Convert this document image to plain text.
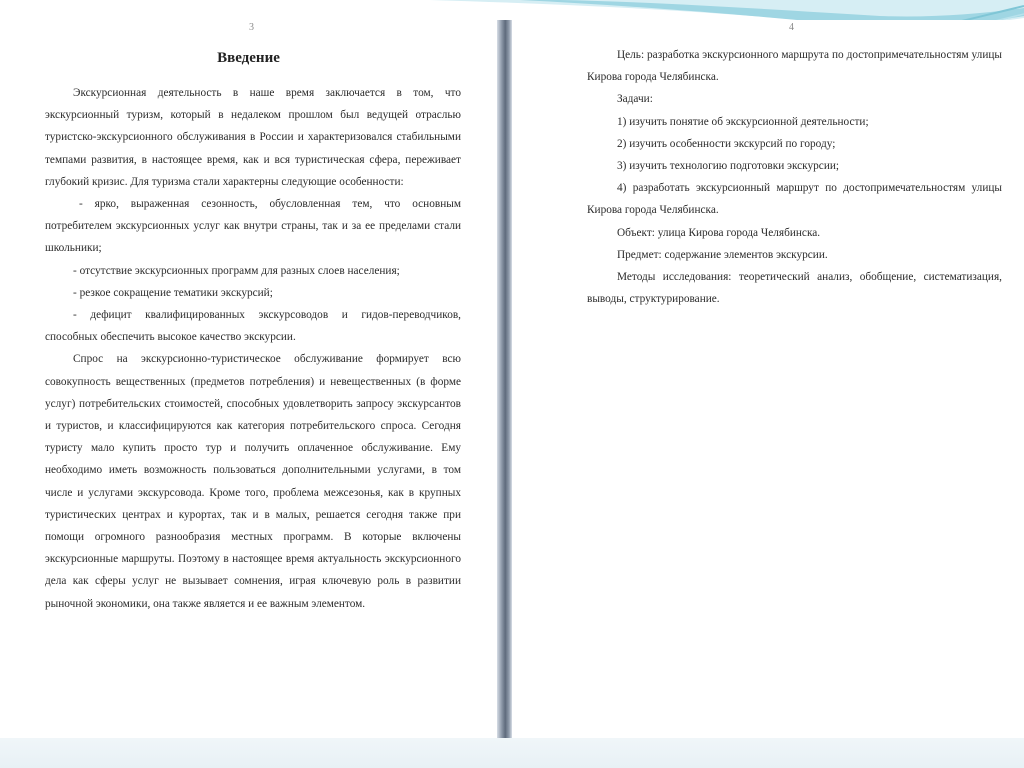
3
Введение

Экскурсионная деятельность в наше время заключается в том, что экскурсионный туризм, который в недалеком прошлом был ведущей отраслью туристско-экскурсионного обслуживания в России и характеризовался стабильными темпами развития, в настоящее время, как и вся туристическая сфера, переживает глубокий кризис. Для туризма стали характерны следующие особенности:

- ярко, выраженная сезонность, обусловленная тем, что основным потребителем экскурсионных услуг как внутри страны, так и за ее пределами стали школьники;

- отсутствие экскурсионных программ для разных слоев населения;

- резкое сокращение тематики экскурсий;

- дефицит квалифицированных экскурсоводов и гидов-переводчиков, способных обеспечить высокое качество экскурсии.

Спрос на экскурсионно-туристическое обслуживание формирует всю совокупность вещественных (предметов потребления) и невещественных (в форме услуг) потребительских стоимостей, способных удовлетворить запросу экскурсантов и туристов, и классифицируются как категория потребительского спроса. Сегодня туристу мало купить просто тур и получить оплаченное обслуживание. Ему необходимо иметь возможность пользоваться дополнительными услугами, в том числе и услугами экскурсовода. Кроме того, проблема межсезонья, как в крупных туристических центрах и курортах, так и в малых, решается сегодня также при помощи огромного разнообразия местных программ. В которые включены экскурсионные маршруты. Поэтому в настоящее время актуальность экскурсионного дела как сферы услуг не вызывает сомнения, играя ключевую роль в развитии рыночной экономики, она также является и ее важным элементом.

4

Цель: разработка экскурсионного маршрута по достопримечательностям улицы Кирова города Челябинска.

Задачи:

1) изучить понятие об экскурсионной деятельности;

2) изучить особенности экскурсий по городу;

3) изучить технологию подготовки экскурсии;

4) разработать экскурсионный маршрут по достопримечательностям улицы Кирова города Челябинска.

Объект: улица Кирова города Челябинска.

Предмет: содержание элементов экскурсии.

Методы исследования: теоретический анализ, обобщение, систематизация, выводы, структурирование.
